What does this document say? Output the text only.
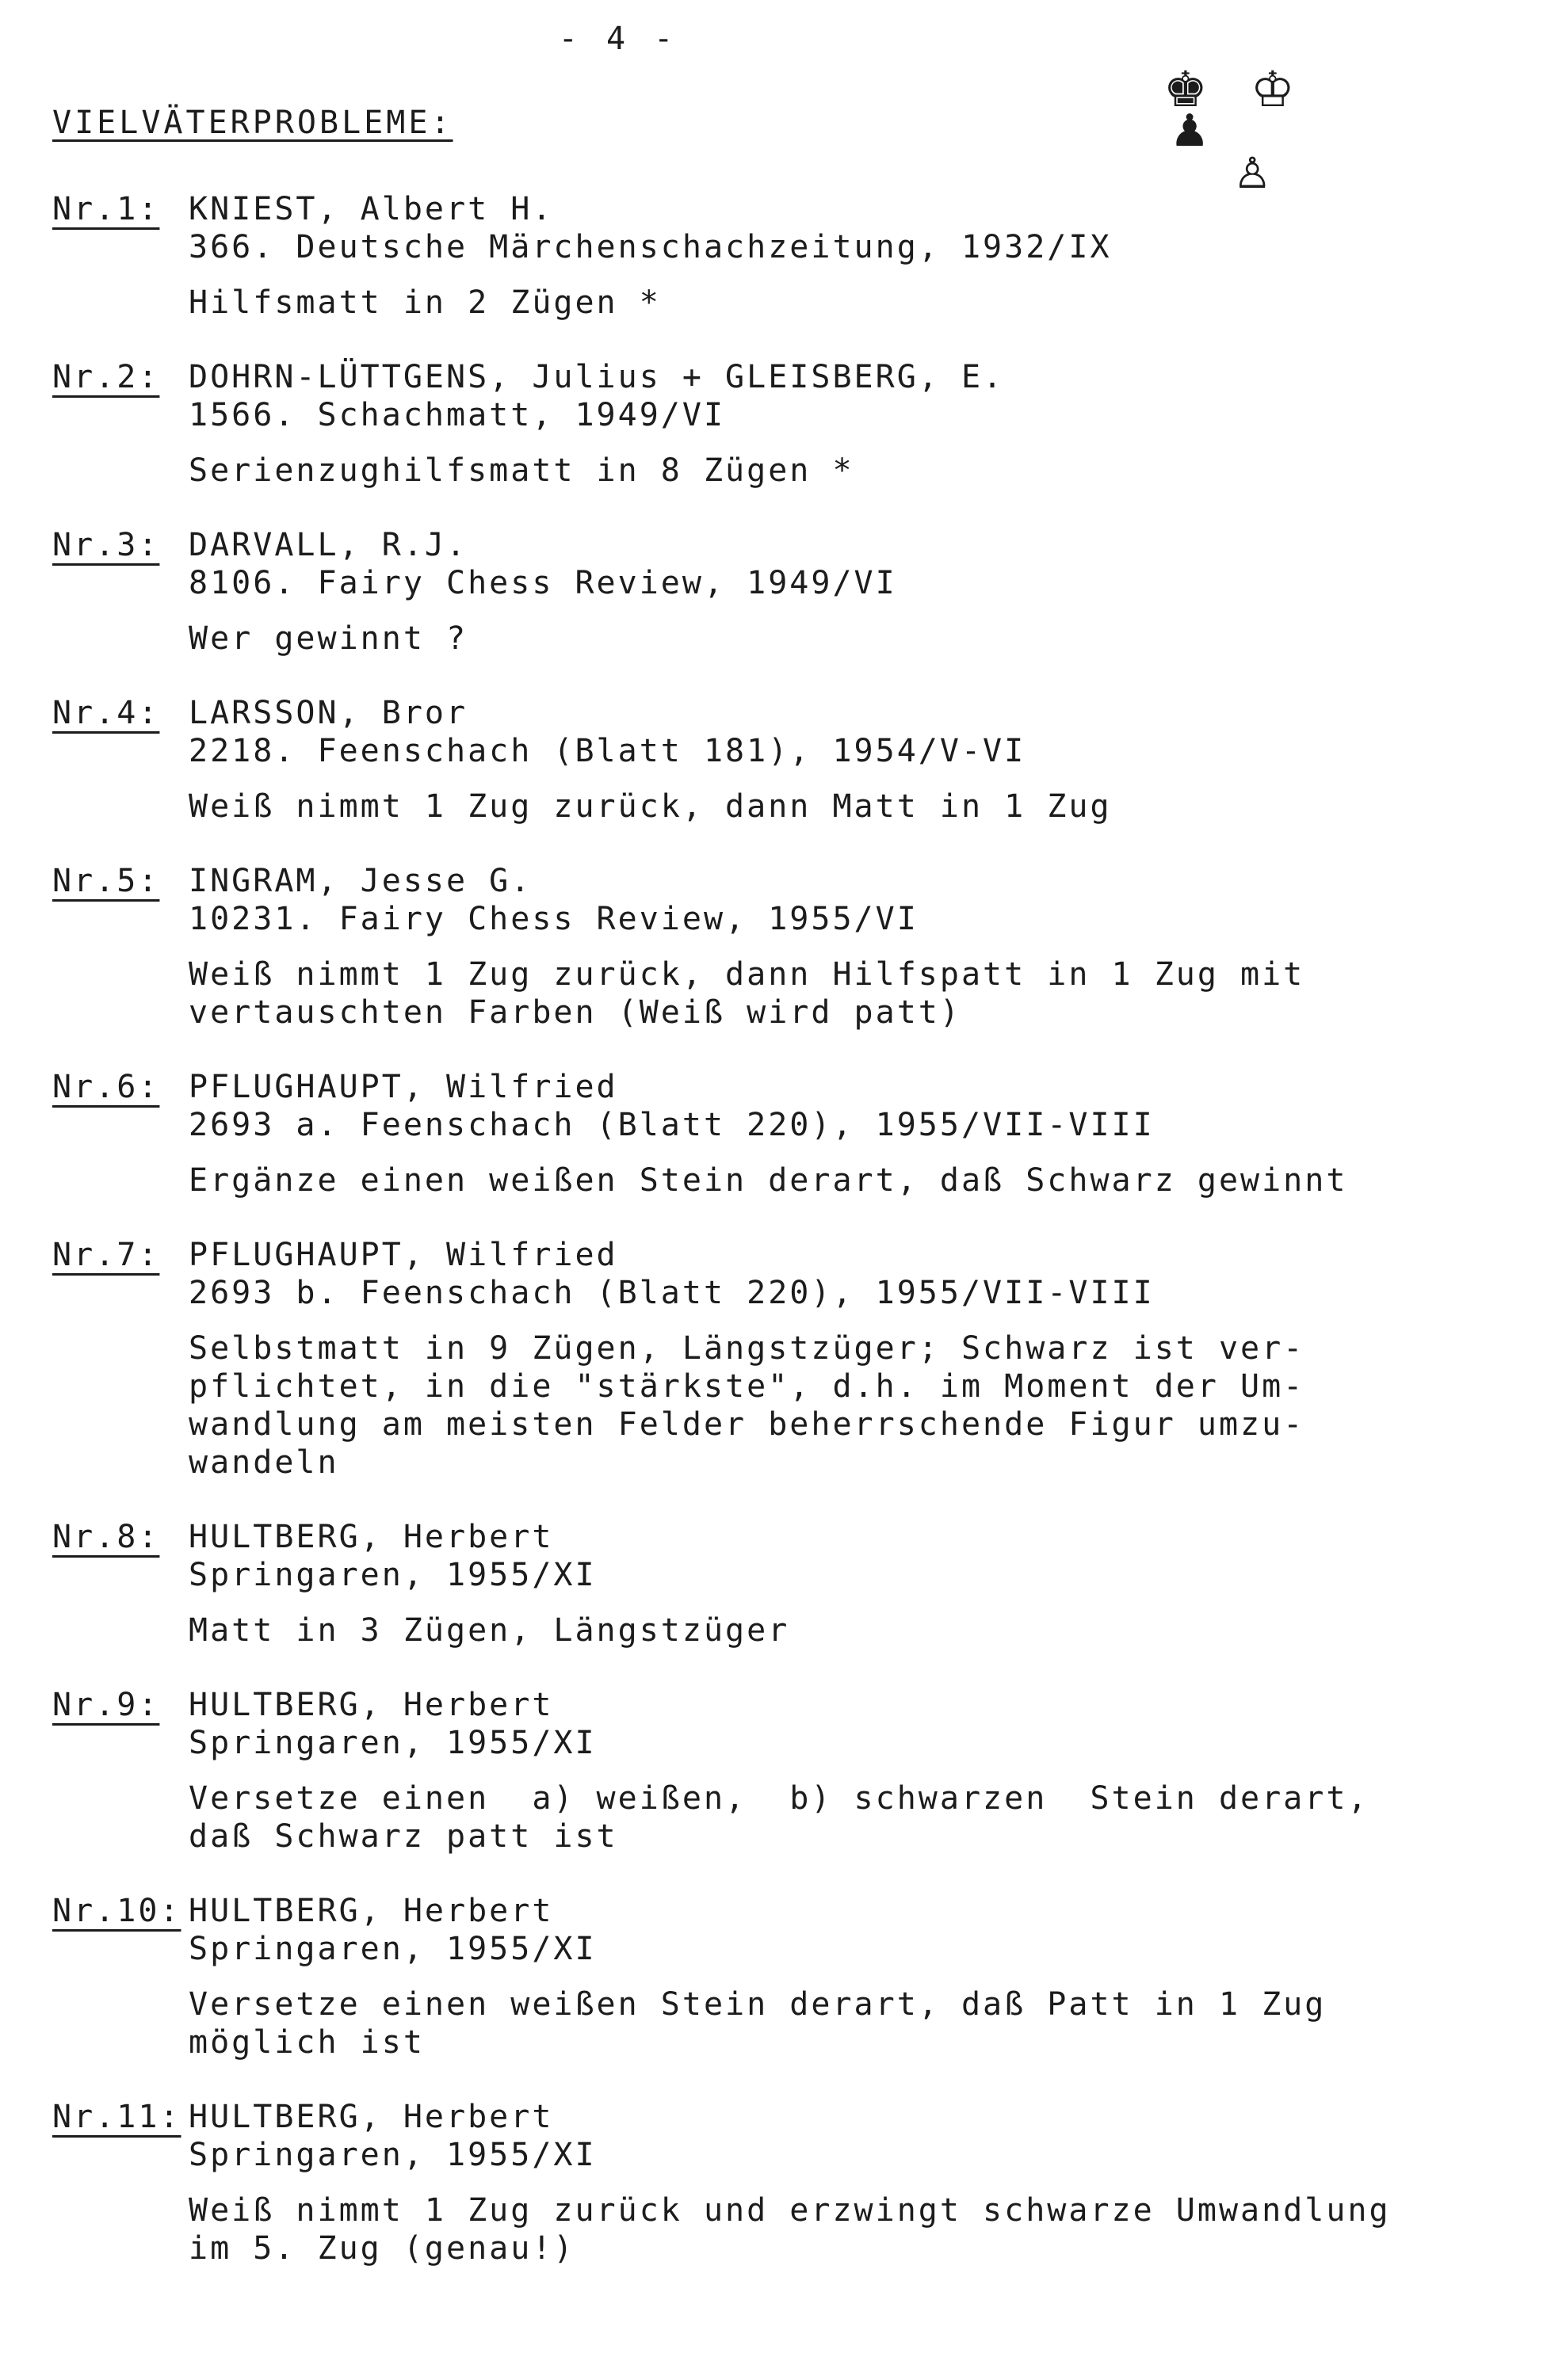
- 4 -
VIELVÄTERPROBLEME:
♚ ♔
♟
♙
Nr.1: KNIEST, Albert H.
366. Deutsche Märchenschachzeitung, 1932/IX
Hilfsmatt in 2 Zügen *
Nr.2: DOHRN-LÜTTGENS, Julius + GLEISBERG, E.
1566. Schachmatt, 1949/VI
Serienzughilfsmatt in 8 Zügen *
Nr.3: DARVALL, R.J.
8106. Fairy Chess Review, 1949/VI
Wer gewinnt ?
Nr.4: LARSSON, Bror
2218. Feenschach (Blatt 181), 1954/V-VI
Weiß nimmt 1 Zug zurück, dann Matt in 1 Zug
Nr.5: INGRAM, Jesse G.
10231. Fairy Chess Review, 1955/VI
Weiß nimmt 1 Zug zurück, dann Hilfspatt in 1 Zug mit
vertauschten Farben (Weiß wird patt)
Nr.6: PFLUGHAUPT, Wilfried
2693 a. Feenschach (Blatt 220), 1955/VII-VIII
Ergänze einen weißen Stein derart, daß Schwarz gewinnt
Nr.7: PFLUGHAUPT, Wilfried
2693 b. Feenschach (Blatt 220), 1955/VII-VIII
Selbstmatt in 9 Zügen, Längstzüger; Schwarz ist ver-
pflichtet, in die "stärkste", d.h. im Moment der Um-
wandlung am meisten Felder beherrschende Figur umzu-
wandeln
Nr.8: HULTBERG, Herbert
Springaren, 1955/XI
Matt in 3 Zügen, Längstzüger
Nr.9: HULTBERG, Herbert
Springaren, 1955/XI
Versetze einen  a) weißen,  b) schwarzen  Stein derart,
daß Schwarz patt ist
Nr.10: HULTBERG, Herbert
Springaren, 1955/XI
Versetze einen weißen Stein derart, daß Patt in 1 Zug
möglich ist
Nr.11: HULTBERG, Herbert
Springaren, 1955/XI
Weiß nimmt 1 Zug zurück und erzwingt schwarze Umwandlung
im 5. Zug (genau!)
